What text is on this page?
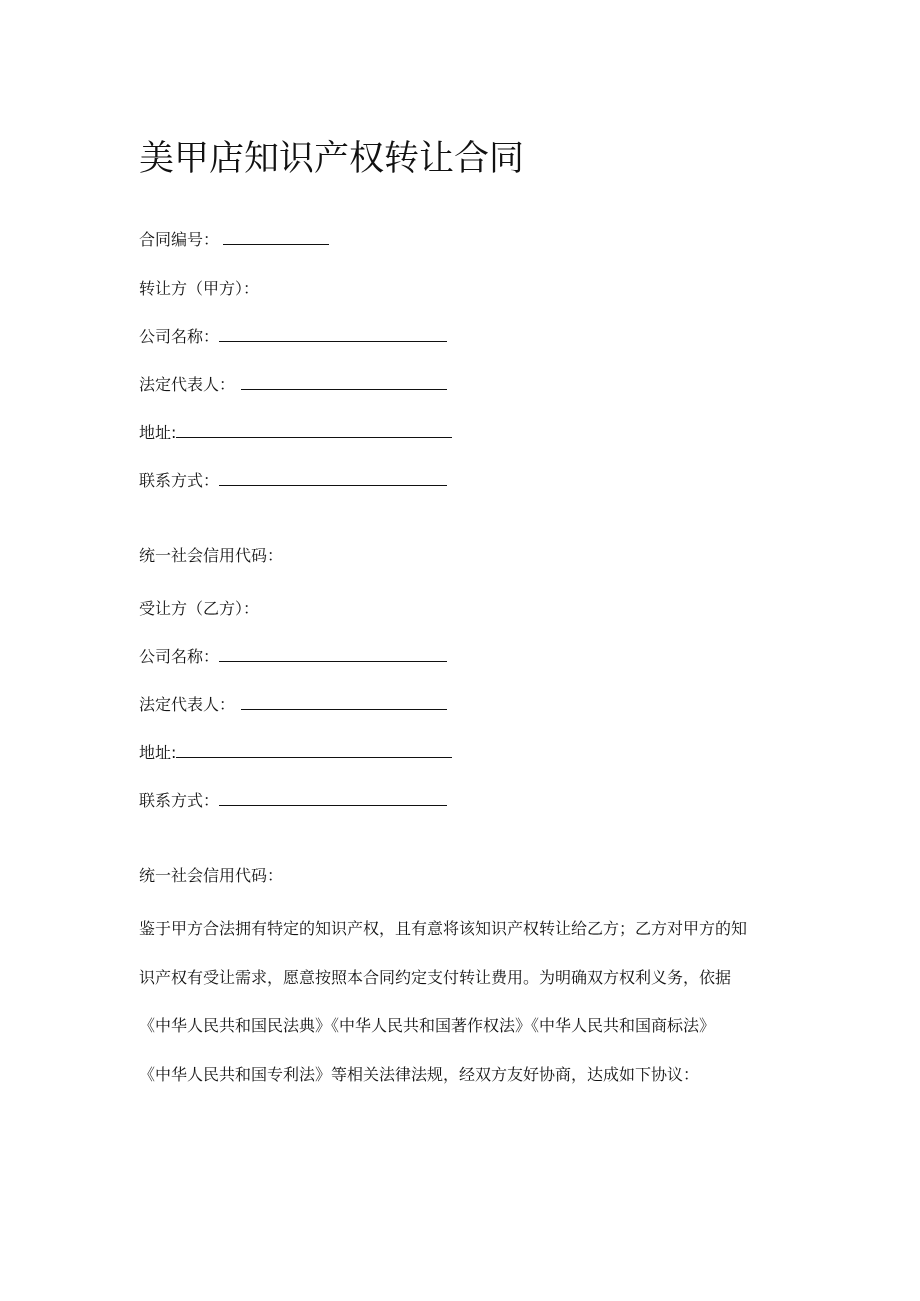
美甲店知识产权转让合同
合同编号：
转让方（甲方）：
公司名称：
法定代表人：
地址:
联系方式：
统一社会信用代码：
受让方（乙方）：
公司名称：
法定代表人：
地址:
联系方式：
统一社会信用代码：
鉴于甲方合法拥有特定的知识产权，且有意将该知识产权转让给乙方；乙方对甲方的知
识产权有受让需求，愿意按照本合同约定支付转让费用。为明确双方权利义务，依据
《中华人民共和国民法典》《中华人民共和国著作权法》《中华人民共和国商标法》
《中华人民共和国专利法》等相关法律法规，经双方友好协商，达成如下协议：
